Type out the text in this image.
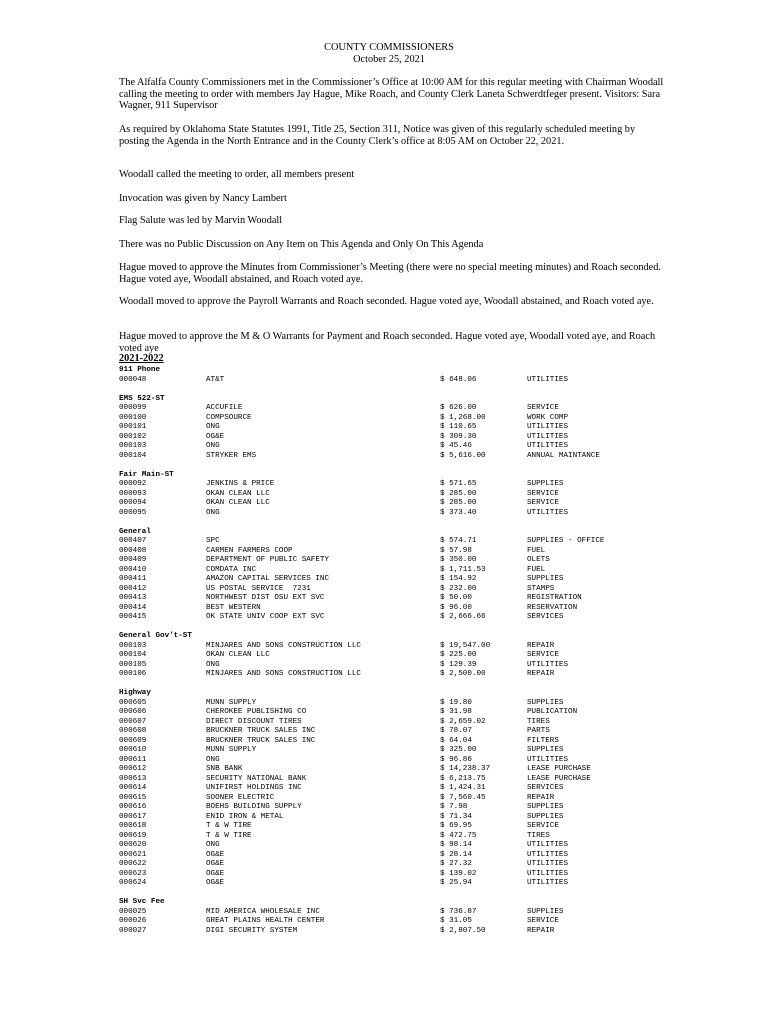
COUNTY COMMISSIONERS
October 25, 2021
The Alfalfa County Commissioners met in the Commissioner’s Office at 10:00 AM for this regular meeting with Chairman Woodall calling the meeting to order with members Jay Hague, Mike Roach, and County Clerk Laneta Schwerdtfeger present. Visitors: Sara Wagner, 911 Supervisor
As required by Oklahoma State Statutes 1991, Title 25, Section 311, Notice was given of this regularly scheduled meeting by posting the Agenda in the North Entrance and in the County Clerk’s office at 8:05 AM on October 22, 2021.
Woodall called the meeting to order, all members present
Invocation was given by Nancy Lambert
Flag Salute was led by Marvin Woodall
There was no Public Discussion on Any Item on This Agenda and Only On This Agenda
Hague moved to approve the Minutes from Commissioner’s Meeting (there were no special meeting minutes) and Roach seconded. Hague voted aye, Woodall abstained, and Roach voted aye.
Woodall moved to approve the Payroll Warrants and Roach seconded. Hague voted aye, Woodall abstained, and Roach voted aye.
Hague moved to approve the M & O Warrants for Payment and Roach seconded. Hague voted aye, Woodall voted aye, and Roach voted aye
2021-2022
911 Phone
000048	AT&T	$ 648.06	UTILITIES
EMS 522-ST
000099	ACCUFILE	$ 626.00	SERVICE
000100	COMPSOURCE	$ 1,268.00	WORK COMP
000101	ONG	$ 110.65	UTILITIES
000102	OG&E	$ 309.30	UTILITIES
000103	ONG	$ 45.46	UTILITIES
000104	STRYKER EMS	$ 5,616.00	ANNUAL MAINTANCE
Fair Main-ST
000092	JENKINS & PRICE	$ 571.65	SUPPLIES
000093	OKAN CLEAN LLC	$ 285.00	SERVICE
000094	OKAN CLEAN LLC	$ 285.00	SERVICE
000095	ONG	$ 373.40	UTILITIES
General
000407	SPC	$ 574.71	SUPPLIES - OFFICE
000408	CARMEN FARMERS COOP	$ 57.98	FUEL
000409	DEPARTMENT OF PUBLIC SAFETY	$ 350.00	OLETS
000410	COMDATA INC	$ 1,711.53	FUEL
000411	AMAZON CAPITAL SERVICES INC	$ 154.92	SUPPLIES
000412	US POSTAL SERVICE  7231	$ 232.00	STAMPS
000413	NORTHWEST DIST OSU EXT SVC	$ 50.00	REGISTRATION
000414	BEST WESTERN	$ 96.00	RESERVATION
000415	OK STATE UNIV COOP EXT SVC	$ 2,666.66	SERVICES
General Gov't-ST
000103	MINJARES AND SONS CONSTRUCTION LLC	$ 19,547.00	REPAIR
000104	OKAN CLEAN LLC	$ 225.00	SERVICE
000105	ONG	$ 129.39	UTILITIES
000106	MINJARES AND SONS CONSTRUCTION LLC	$ 2,500.00	REPAIR
Highway
000605	MUNN SUPPLY	$ 19.80	SUPPLIES
000606	CHEROKEE PUBLISHING CO	$ 31.98	PUBLICATION
000607	DIRECT DISCOUNT TIRES	$ 2,659.02	TIRES
000608	BRUCKNER TRUCK SALES INC	$ 78.07	PARTS
000609	BRUCKNER TRUCK SALES INC	$ 64.04	FILTERS
000610	MUNN SUPPLY	$ 325.00	SUPPLIES
000611	ONG	$ 96.86	UTILITIES
000612	SNB BANK	$ 14,238.37	LEASE PURCHASE
000613	SECURITY NATIONAL BANK	$ 6,213.75	LEASE PURCHASE
000614	UNIFIRST HOLDINGS INC	$ 1,424.31	SERVICES
000615	SOONER ELECTRIC	$ 7,560.45	REPAIR
000616	BOEHS BUILDING SUPPLY	$ 7.98	SUPPLIES
000617	ENID IRON & METAL	$ 71.34	SUPPLIES
000618	T & W TIRE	$ 69.95	SERVICE
000619	T & W TIRE	$ 472.75	TIRES
000620	ONG	$ 98.14	UTILITIES
000621	OG&E	$ 28.14	UTILITIES
000622	OG&E	$ 27.32	UTILITIES
000623	OG&E	$ 139.02	UTILITIES
000624	OG&E	$ 25.94	UTILITIES
SH Svc Fee
000025	MID AMERICA WHOLESALE INC	$ 736.87	SUPPLIES
000026	GREAT PLAINS HEALTH CENTER	$ 31.05	SERVICE
000027	DIGI SECURITY SYSTEM	$ 2,807.50	REPAIR
